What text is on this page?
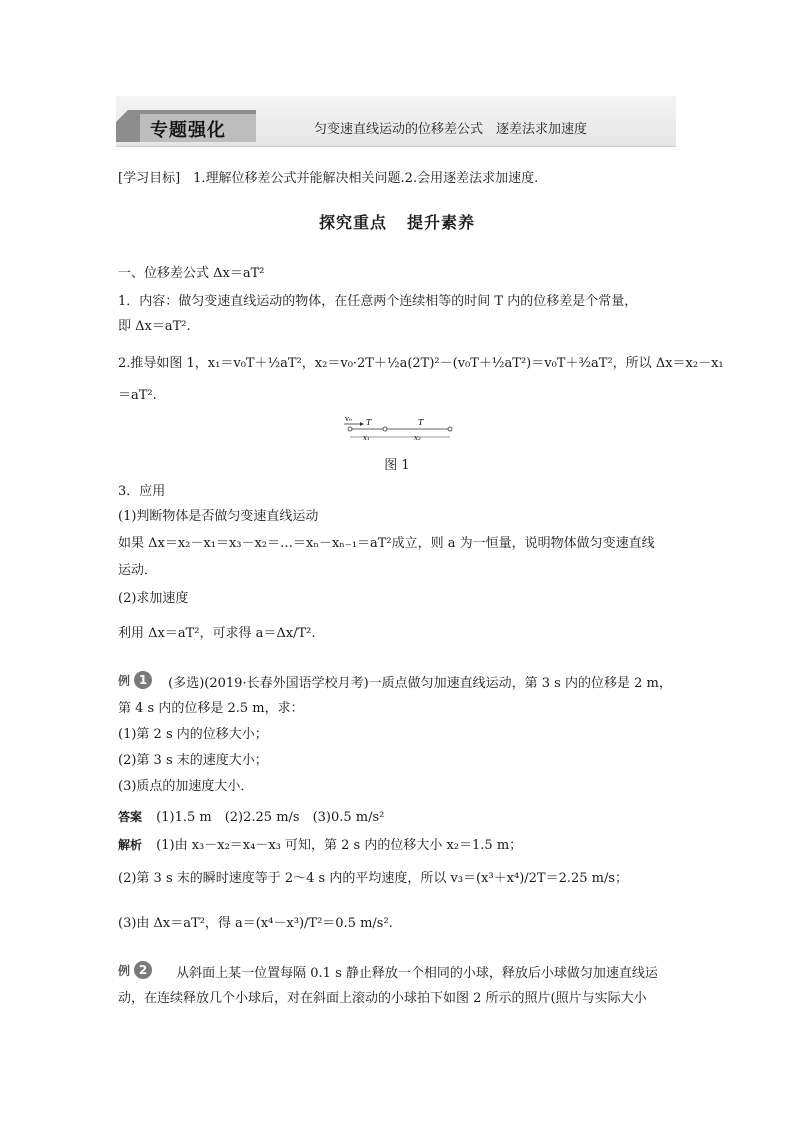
专题强化	匀变速直线运动的位移差公式　逐差法求加速度
[学习目标]　1.理解位移差公式并能解决相关问题.2.会用逐差法求加速度.
探究重点 提升素养
一、位移差公式 Δx＝aT²
1．内容：做匀变速直线运动的物体，在任意两个连续相等的时间 T 内的位移差是个常量，
即 Δx＝aT².
2.推导如图 1，x₁＝v₀T＋½aT²，x₂＝v₀·2T＋½a(2T)²－(v₀T＋½aT²)＝v₀T＋³⁄₂aT²，所以 Δx＝x₂－x₁
＝aT².
v₀ T	T
x₁	x₂
图 1
3．应用
(1)判断物体是否做匀变速直线运动
如果 Δx＝x₂－x₁＝x₃－x₂＝…＝xₙ－xₙ₋₁＝aT²成立，则 a 为一恒量，说明物体做匀变速直线
运动．
(2)求加速度
利用 Δx＝aT²，可求得 a＝Δx/T².
例 1	(多选)(2019·长春外国语学校月考)一质点做匀加速直线运动，第 3 s 内的位移是 2 m，
第 4 s 内的位移是 2.5 m，求：
(1)第 2 s 内的位移大小；
(2)第 3 s 末的速度大小；
(3)质点的加速度大小．
答案 (1)1.5 m　(2)2.25 m/s　(3)0.5 m/s²
解析 (1)由 x₃－x₂＝x₄－x₃ 可知，第 2 s 内的位移大小 x₂＝1.5 m；
(2)第 3 s 末的瞬时速度等于 2～4 s 内的平均速度，所以 v₃＝(x³＋x⁴)/2T＝2.25 m/s；
(3)由 Δx＝aT²，得 a＝(x⁴－x³)/T²＝0.5 m/s².
例 2	从斜面上某一位置每隔 0.1 s 静止释放一个相同的小球，释放后小球做匀加速直线运
动，在连续释放几个小球后，对在斜面上滚动的小球拍下如图 2 所示的照片(照片与实际大小
